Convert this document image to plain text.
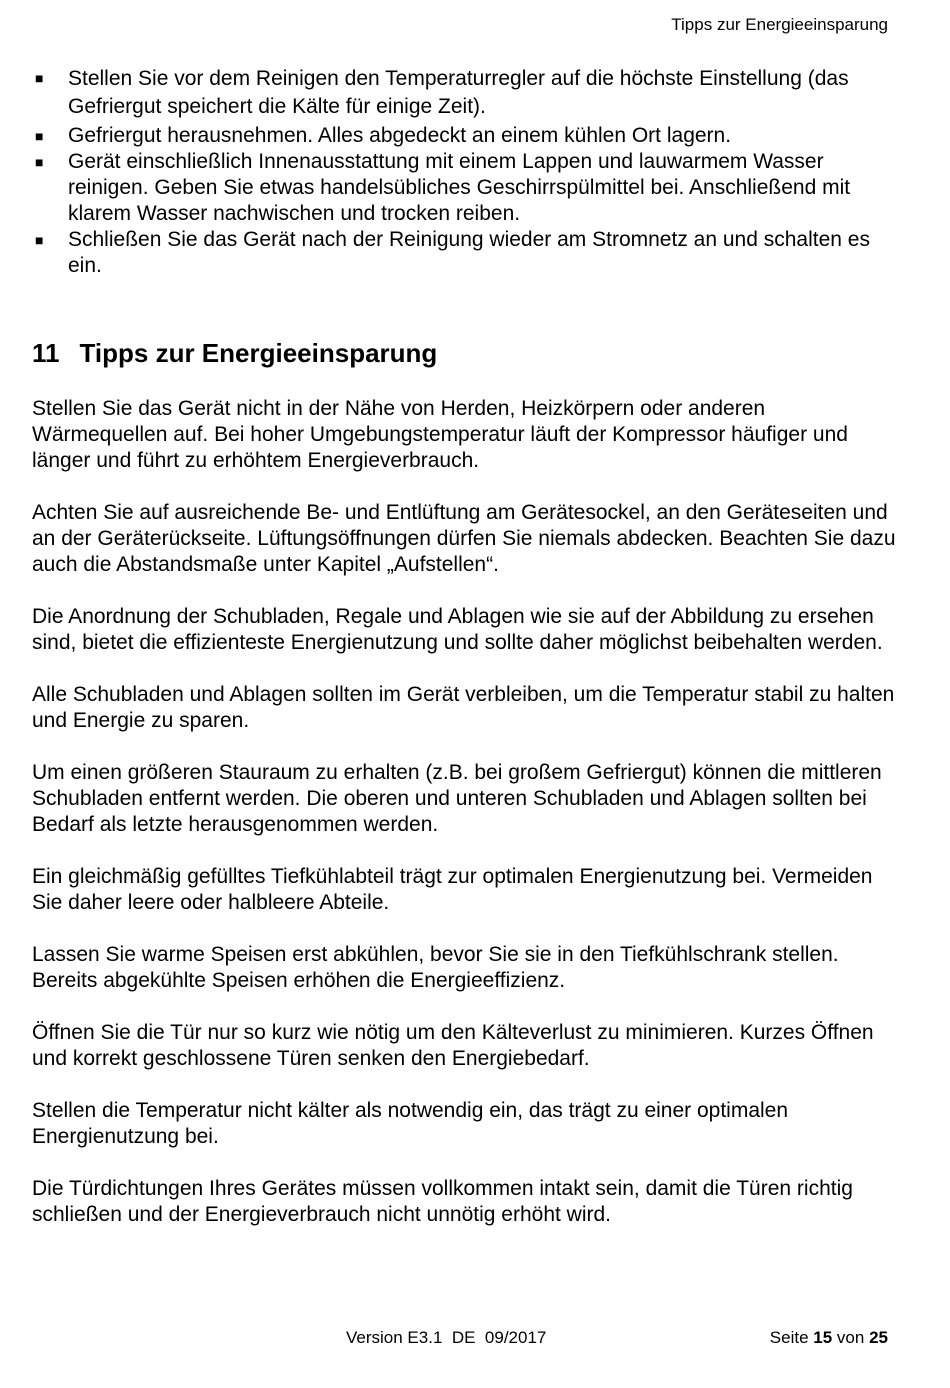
Tipps zur Energieeinsparung
■ Stellen Sie vor dem Reinigen den Temperaturregler auf die höchste Einstellung (das Gefriergut speichert die Kälte für einige Zeit).
■ Gefriergut herausnehmen. Alles abgedeckt an einem kühlen Ort lagern.
■ Gerät einschließlich Innenausstattung mit einem Lappen und lauwarmem Wasser reinigen. Geben Sie etwas handelsübliches Geschirrspülmittel bei. Anschließend mit klarem Wasser nachwischen und trocken reiben.
■ Schließen Sie das Gerät nach der Reinigung wieder am Stromnetz an und schalten es ein.
11 Tipps zur Energieeinsparung

Stellen Sie das Gerät nicht in der Nähe von Herden, Heizkörpern oder anderen Wärmequellen auf. Bei hoher Umgebungstemperatur läuft der Kompressor häufiger und länger und führt zu erhöhtem Energieverbrauch.

Achten Sie auf ausreichende Be- und Entlüftung am Gerätesockel, an den Geräteseiten und an der Geräterückseite. Lüftungsöffnungen dürfen Sie niemals abdecken. Beachten Sie dazu auch die Abstandsmaße unter Kapitel „Aufstellen“.

Die Anordnung der Schubladen, Regale und Ablagen wie sie auf der Abbildung zu ersehen sind, bietet die effizienteste Energienutzung und sollte daher möglichst beibehalten werden.

Alle Schubladen und Ablagen sollten im Gerät verbleiben, um die Temperatur stabil zu halten und Energie zu sparen.

Um einen größeren Stauraum zu erhalten (z.B. bei großem Gefriergut) können die mittleren Schubladen entfernt werden. Die oberen und unteren Schubladen und Ablagen sollten bei Bedarf als letzte herausgenommen werden.

Ein gleichmäßig gefülltes Tiefkühlabteil trägt zur optimalen Energienutzung bei. Vermeiden Sie daher leere oder halbleere Abteile.

Lassen Sie warme Speisen erst abkühlen, bevor Sie sie in den Tiefkühlschrank stellen. Bereits abgekühlte Speisen erhöhen die Energieeffizienz.

Öffnen Sie die Tür nur so kurz wie nötig um den Kälteverlust zu minimieren. Kurzes Öffnen und korrekt geschlossene Türen senken den Energiebedarf.

Stellen die Temperatur nicht kälter als notwendig ein, das trägt zu einer optimalen Energienutzung bei.

Die Türdichtungen Ihres Gerätes müssen vollkommen intakt sein, damit die Türen richtig schließen und der Energieverbrauch nicht unnötig erhöht wird.

Version E3.1  DE  09/2017	Seite 15 von 25
